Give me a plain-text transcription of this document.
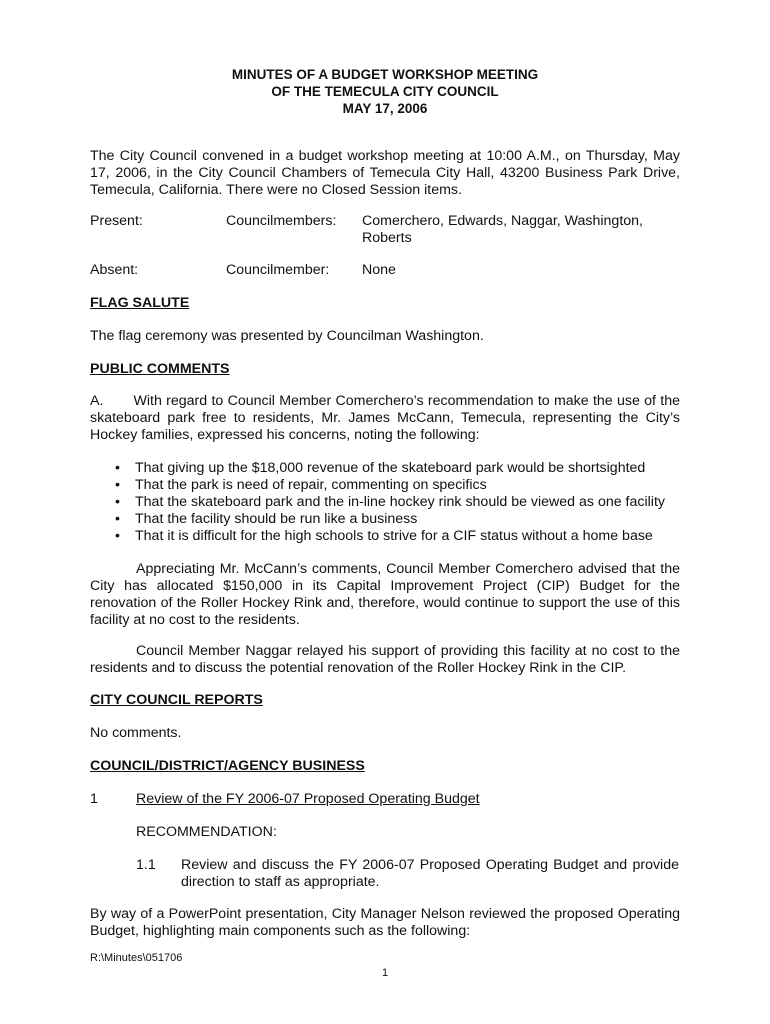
MINUTES OF A BUDGET WORKSHOP MEETING
OF THE TEMECULA CITY COUNCIL
MAY 17, 2006
The City Council convened in a budget workshop meeting at 10:00 A.M., on Thursday, May 17, 2006, in the City Council Chambers of Temecula City Hall, 43200 Business Park Drive, Temecula, California. There were no Closed Session items.
Present:	Councilmembers: Comerchero, Edwards, Naggar, Washington,
Roberts
Absent:	Councilmember: None
FLAG SALUTE
The flag ceremony was presented by Councilman Washington.
PUBLIC COMMENTS
A.       With regard to Council Member Comerchero’s recommendation to make the use of the skateboard park free to residents, Mr. James McCann, Temecula, representing the City’s Hockey families, expressed his concerns, noting the following:
• That giving up the $18,000 revenue of the skateboard park would be shortsighted
• That the park is need of repair, commenting on specifics
• That the skateboard park and the in-line hockey rink should be viewed as one facility
• That the facility should be run like a business
• That it is difficult for the high schools to strive for a CIF status without a home base
Appreciating Mr. McCann’s comments, Council Member Comerchero advised that the City has allocated $150,000 in its Capital Improvement Project (CIP) Budget for the renovation of the Roller Hockey Rink and, therefore, would continue to support the use of this facility at no cost to the residents.
Council Member Naggar relayed his support of providing this facility at no cost to the residents and to discuss the potential renovation of the Roller Hockey Rink in the CIP.
CITY COUNCIL REPORTS
No comments.
COUNCIL/DISTRICT/AGENCY BUSINESS
1	Review of the FY 2006-07 Proposed Operating Budget
RECOMMENDATION:
1.1 Review and discuss the FY 2006-07 Proposed Operating Budget and provide direction to staff as appropriate.
By way of a PowerPoint presentation, City Manager Nelson reviewed the proposed Operating Budget, highlighting main components such as the following:
R:\Minutes\051706
1
